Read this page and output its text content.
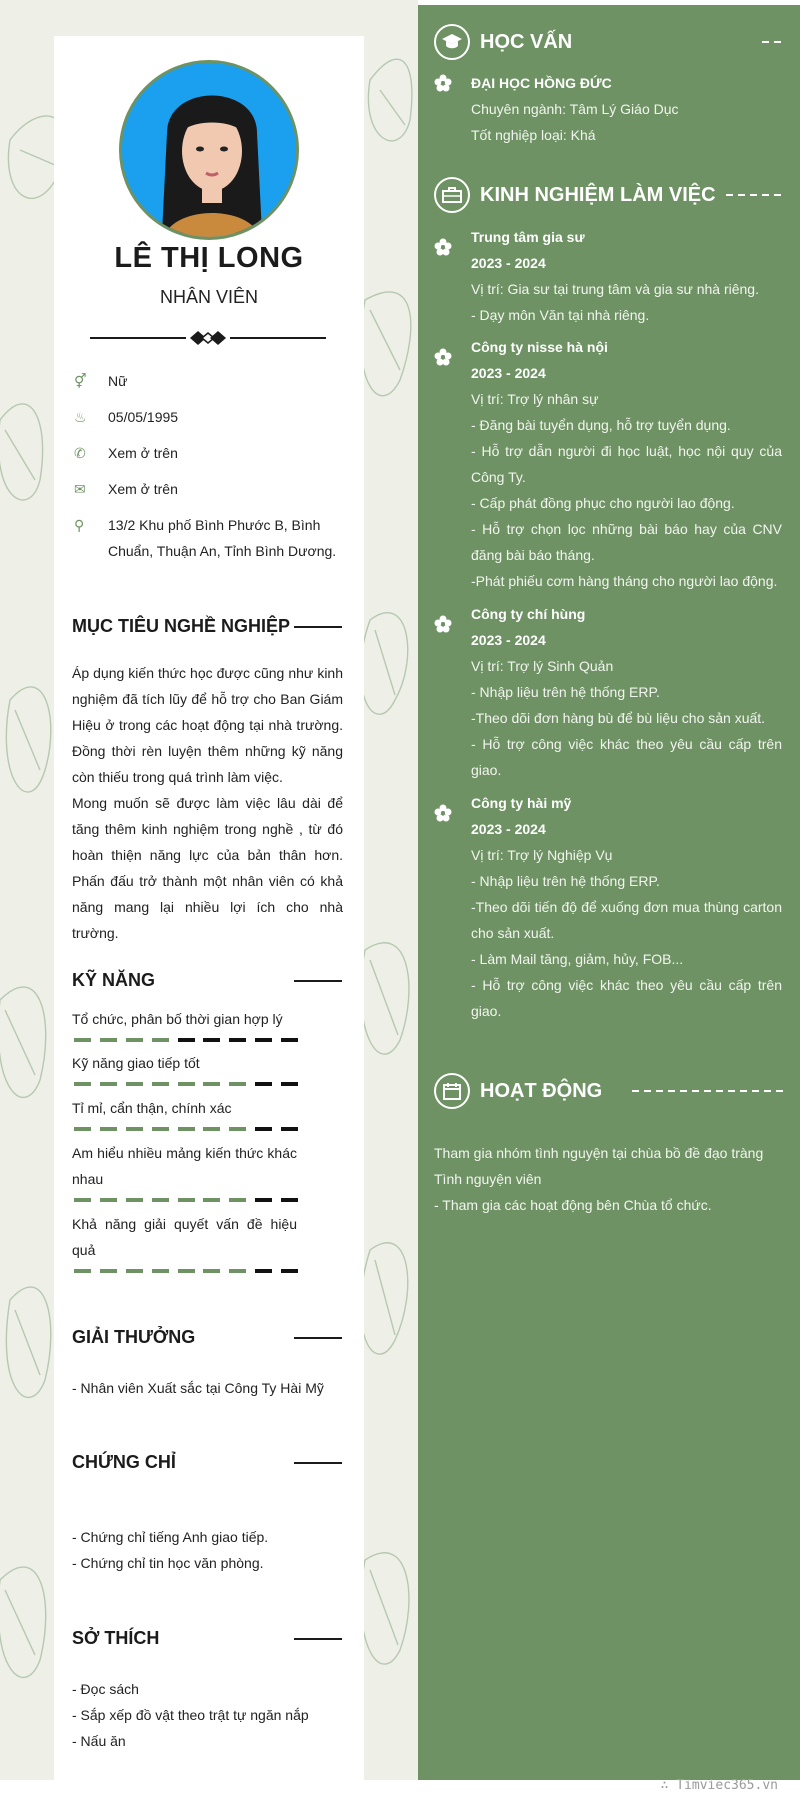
LÊ THỊ LONG
NHÂN VIÊN
⚥	Nữ
♨	05/05/1995
✆	Xem ở trên
✉	Xem ở trên
⚲	13/2 Khu phố Bình Phước B, Bình Chuẩn, Thuận An, Tỉnh Bình Dương.
MỤC TIÊU NGHỀ NGHIỆP
Áp dụng kiến thức học được cũng như kinh nghiệm đã tích lũy để hỗ trợ cho Ban Giám Hiệu ở trong các hoạt động tại nhà trường. Đồng thời rèn luyện thêm những kỹ năng còn thiếu trong quá trình làm việc.
Mong muốn sẽ được làm việc lâu dài để tăng thêm kinh nghiệm trong nghề , từ đó hoàn thiện năng lực của bản thân hơn. Phấn đấu trở thành một nhân viên có khả năng mang lại nhiều lợi ích cho nhà trường.
KỸ NĂNG
Tổ chức, phân bố thời gian hợp lý
Kỹ năng giao tiếp tốt
Tỉ mỉ, cẩn thận, chính xác
Am hiểu nhiều mảng kiến thức khác nhau
Khả năng giải quyết vấn đề hiệu quả
GIẢI THƯỞNG
- Nhân viên Xuất sắc tại Công Ty Hài Mỹ
CHỨNG CHỈ
- Chứng chỉ tiếng Anh giao tiếp.
- Chứng chỉ tin học văn phòng.
SỞ THÍCH
- Đọc sách
- Sắp xếp đồ vật theo trật tự ngăn nắp
- Nấu ăn
HỌC VẤN
ĐẠI HỌC HỒNG ĐỨC
Chuyên ngành: Tâm Lý Giáo Dục
Tốt nghiệp loại: Khá
KINH NGHIỆM LÀM VIỆC
Trung tâm gia sư
2023 - 2024
Vị trí: Gia sư tại trung tâm và gia sư nhà riêng.
- Dạy môn Văn tại nhà riêng.
Công ty nisse hà nội
2023 - 2024
Vị trí: Trợ lý nhân sự
- Đăng bài tuyển dụng, hỗ trợ tuyển dụng.
- Hỗ trợ dẫn người đi học luật, học nội quy của Công Ty.
- Cấp phát đồng phục cho người lao động.
- Hỗ trợ chọn lọc những bài báo hay của CNV đăng bài báo tháng.
-Phát phiếu cơm hàng tháng cho người lao động.
Công ty chí hùng
2023 - 2024
Vị trí: Trợ lý Sinh Quản
- Nhập liệu trên hệ thống ERP.
-Theo dõi đơn hàng bù để bù liệu cho sản xuất.
- Hỗ trợ công việc khác theo yêu cầu cấp trên giao.
Công ty hài mỹ
2023 - 2024
Vị trí: Trợ lý Nghiệp Vụ
- Nhập liệu trên hệ thống ERP.
-Theo dõi tiến độ để xuống đơn mua thùng carton cho sản xuất.
- Làm Mail tăng, giảm, hủy, FOB...
- Hỗ trợ công việc khác theo yêu cầu cấp trên giao.
HOẠT ĐỘNG
Tham gia nhóm tình nguyện tại chùa bồ đề đạo tràng
Tình nguyện viên
- Tham gia các hoạt động bên Chùa tổ chức.
∴ Timviec365.vn
